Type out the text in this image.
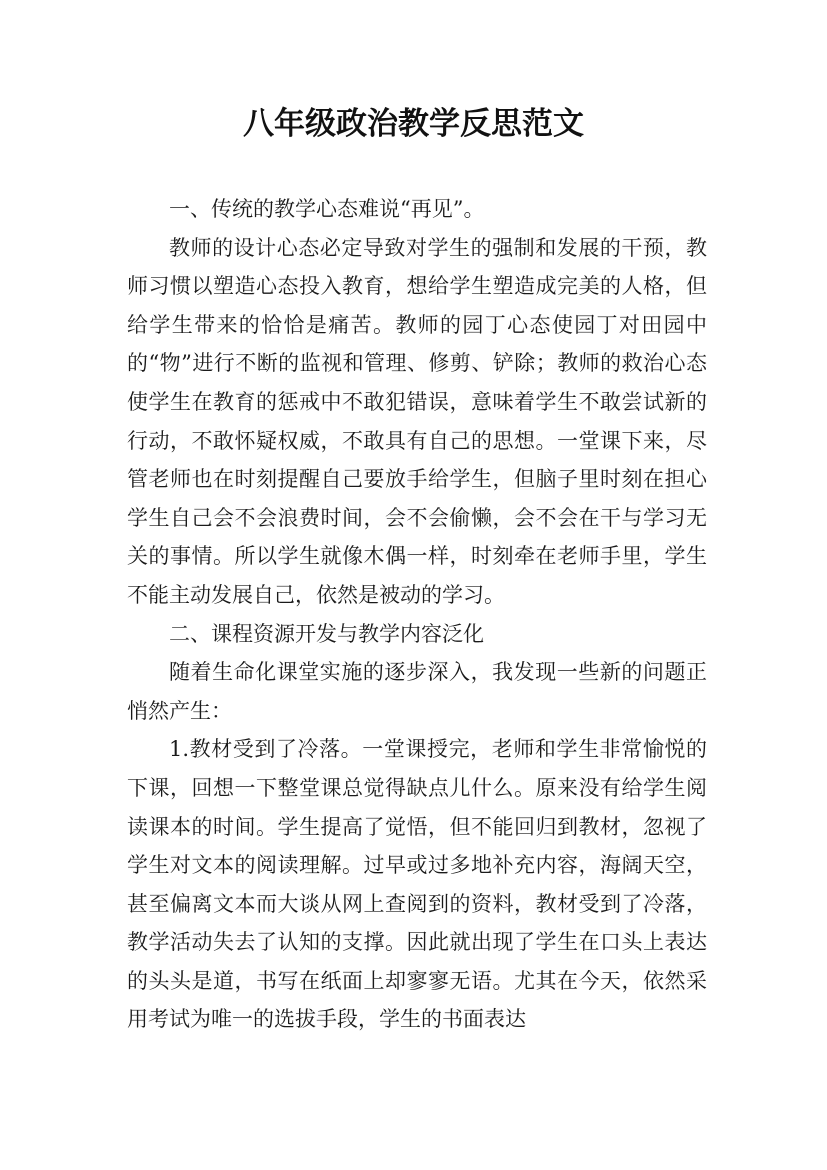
八年级政治教学反思范文

一、传统的教学心态难说“再见”。

教师的设计心态必定导致对学生的强制和发展的干预，教师习惯以塑造心态投入教育，想给学生塑造成完美的人格，但给学生带来的恰恰是痛苦。教师的园丁心态使园丁对田园中的“物”进行不断的监视和管理、修剪、铲除；教师的救治心态使学生在教育的惩戒中不敢犯错误，意味着学生不敢尝试新的行动，不敢怀疑权威，不敢具有自己的思想。一堂课下来，尽管老师也在时刻提醒自己要放手给学生，但脑子里时刻在担心学生自己会不会浪费时间，会不会偷懒，会不会在干与学习无关的事情。所以学生就像木偶一样，时刻牵在老师手里，学生不能主动发展自己，依然是被动的学习。

二、课程资源开发与教学内容泛化

随着生命化课堂实施的逐步深入，我发现一些新的问题正悄然产生：

1.教材受到了冷落。一堂课授完，老师和学生非常愉悦的下课，回想一下整堂课总觉得缺点儿什么。原来没有给学生阅读课本的时间。学生提高了觉悟，但不能回归到教材，忽视了学生对文本的阅读理解。过早或过多地补充内容，海阔天空，甚至偏离文本而大谈从网上查阅到的资料，教材受到了冷落，教学活动失去了认知的支撑。因此就出现了学生在口头上表达的头头是道，书写在纸面上却寥寥无语。尤其在今天，依然采用考试为唯一的选拔手段，学生的书面表达
